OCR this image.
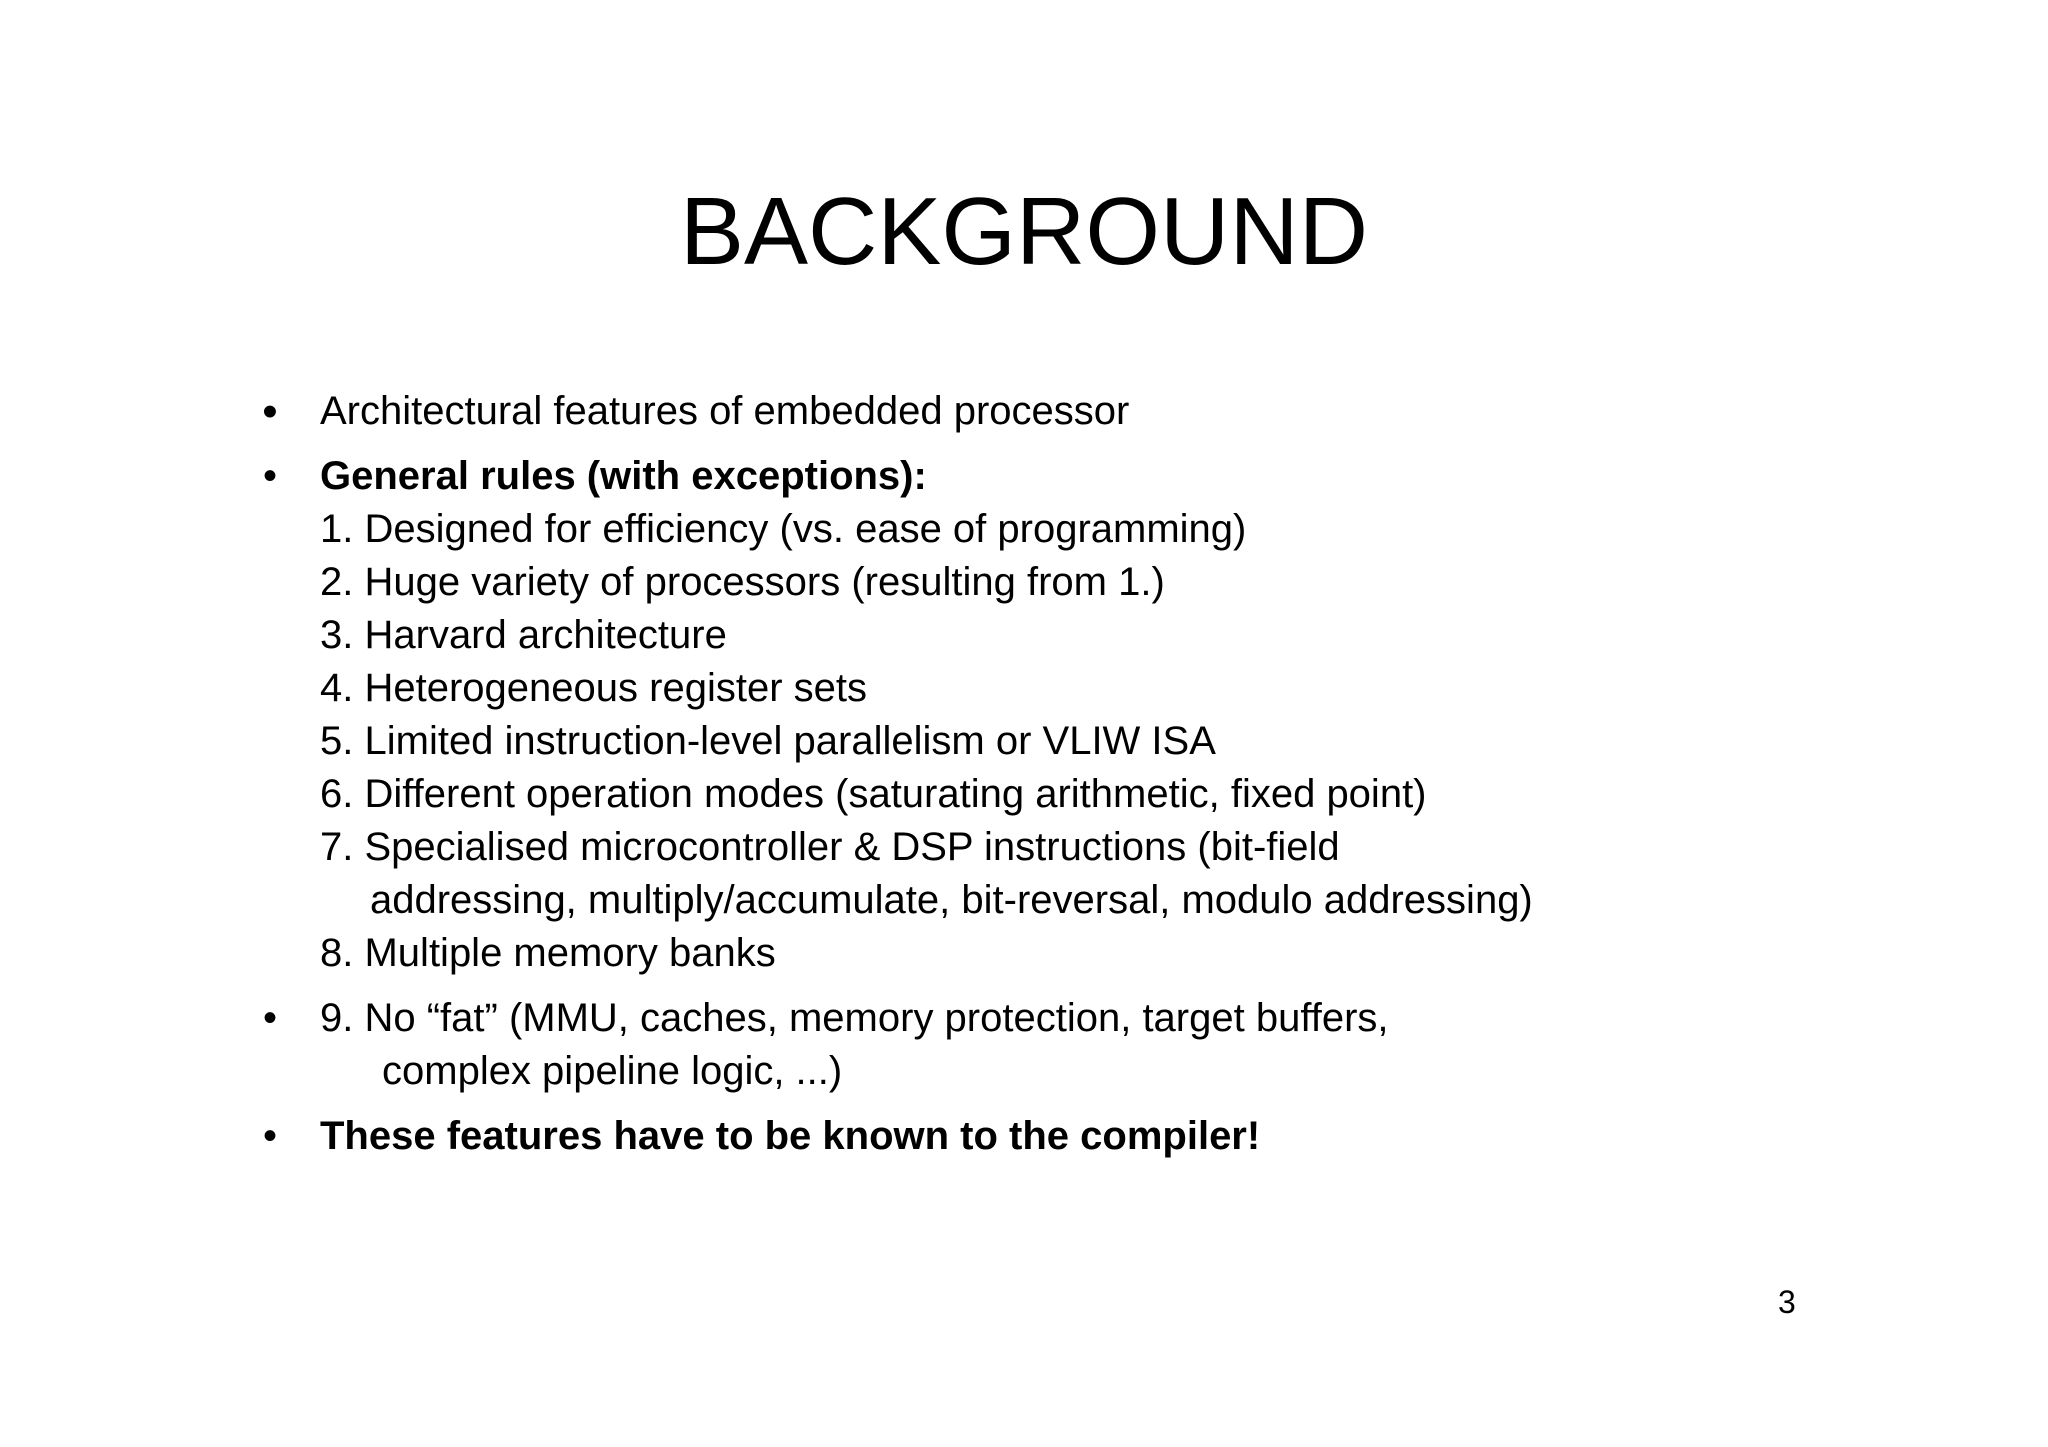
BACKGROUND
• Architectural features of embedded processor
• General rules (with exceptions):
1. Designed for efficiency (vs. ease of programming)
2. Huge variety of processors (resulting from 1.)
3. Harvard architecture
4. Heterogeneous register sets
5. Limited instruction-level parallelism or VLIW ISA
6. Different operation modes (saturating arithmetic, fixed point)
7. Specialised microcontroller & DSP instructions (bit-field
addressing, multiply/accumulate, bit-reversal, modulo addressing)
8. Multiple memory banks
• 9. No “fat” (MMU, caches, memory protection, target buffers,
complex pipeline logic, ...)
• These features have to be known to the compiler!
3
